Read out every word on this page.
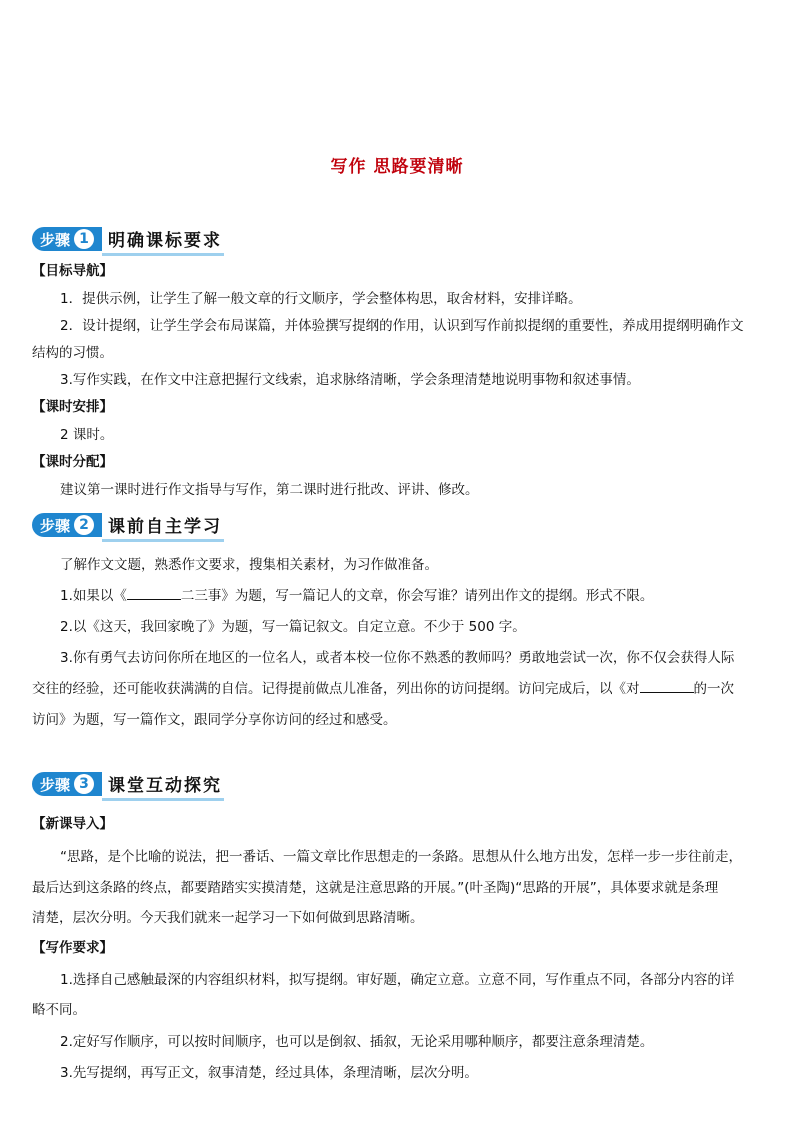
写作 思路要清晰
步骤 1	明确课标要求
【目标导航】
1．提供示例，让学生了解一般文章的行文顺序，学会整体构思，取舍材料，安排详略。
2．设计提纲，让学生学会布局谋篇，并体验撰写提纲的作用，认识到写作前拟提纲的重要性，养成用提纲明确作文
结构的习惯。
3.写作实践，在作文中注意把握行文线索，追求脉络清晰，学会条理清楚地说明事物和叙述事情。
【课时安排】
2 课时。
【课时分配】
建议第一课时进行作文指导与写作，第二课时进行批改、评讲、修改。
步骤 2	课前自主学习
了解作文文题，熟悉作文要求，搜集相关素材，为习作做准备。
1.如果以《	二三事》为题，写一篇记人的文章，你会写谁？请列出作文的提纲。形式不限。
2.以《这天，我回家晚了》为题，写一篇记叙文。自定立意。不少于 500 字。
3.你有勇气去访问你所在地区的一位名人，或者本校一位你不熟悉的教师吗？勇敢地尝试一次，你不仅会获得人际
交往的经验，还可能收获满满的自信。记得提前做点儿准备，列出你的访问提纲。访问完成后，以《对	的一次
访问》为题，写一篇作文，跟同学分享你访问的经过和感受。
步骤 3	课堂互动探究
【新课导入】
“思路，是个比喻的说法，把一番话、一篇文章比作思想走的一条路。思想从什么地方出发，怎样一步一步往前走，
最后达到这条路的终点，都要踏踏实实摸清楚，这就是注意思路的开展。”(叶圣陶)“思路的开展”，具体要求就是条理
清楚，层次分明。今天我们就来一起学习一下如何做到思路清晰。
【写作要求】
1.选择自己感触最深的内容组织材料，拟写提纲。审好题，确定立意。立意不同，写作重点不同，各部分内容的详
略不同。
2.定好写作顺序，可以按时间顺序，也可以是倒叙、插叙，无论采用哪种顺序，都要注意条理清楚。
3.先写提纲，再写正文，叙事清楚，经过具体，条理清晰，层次分明。
